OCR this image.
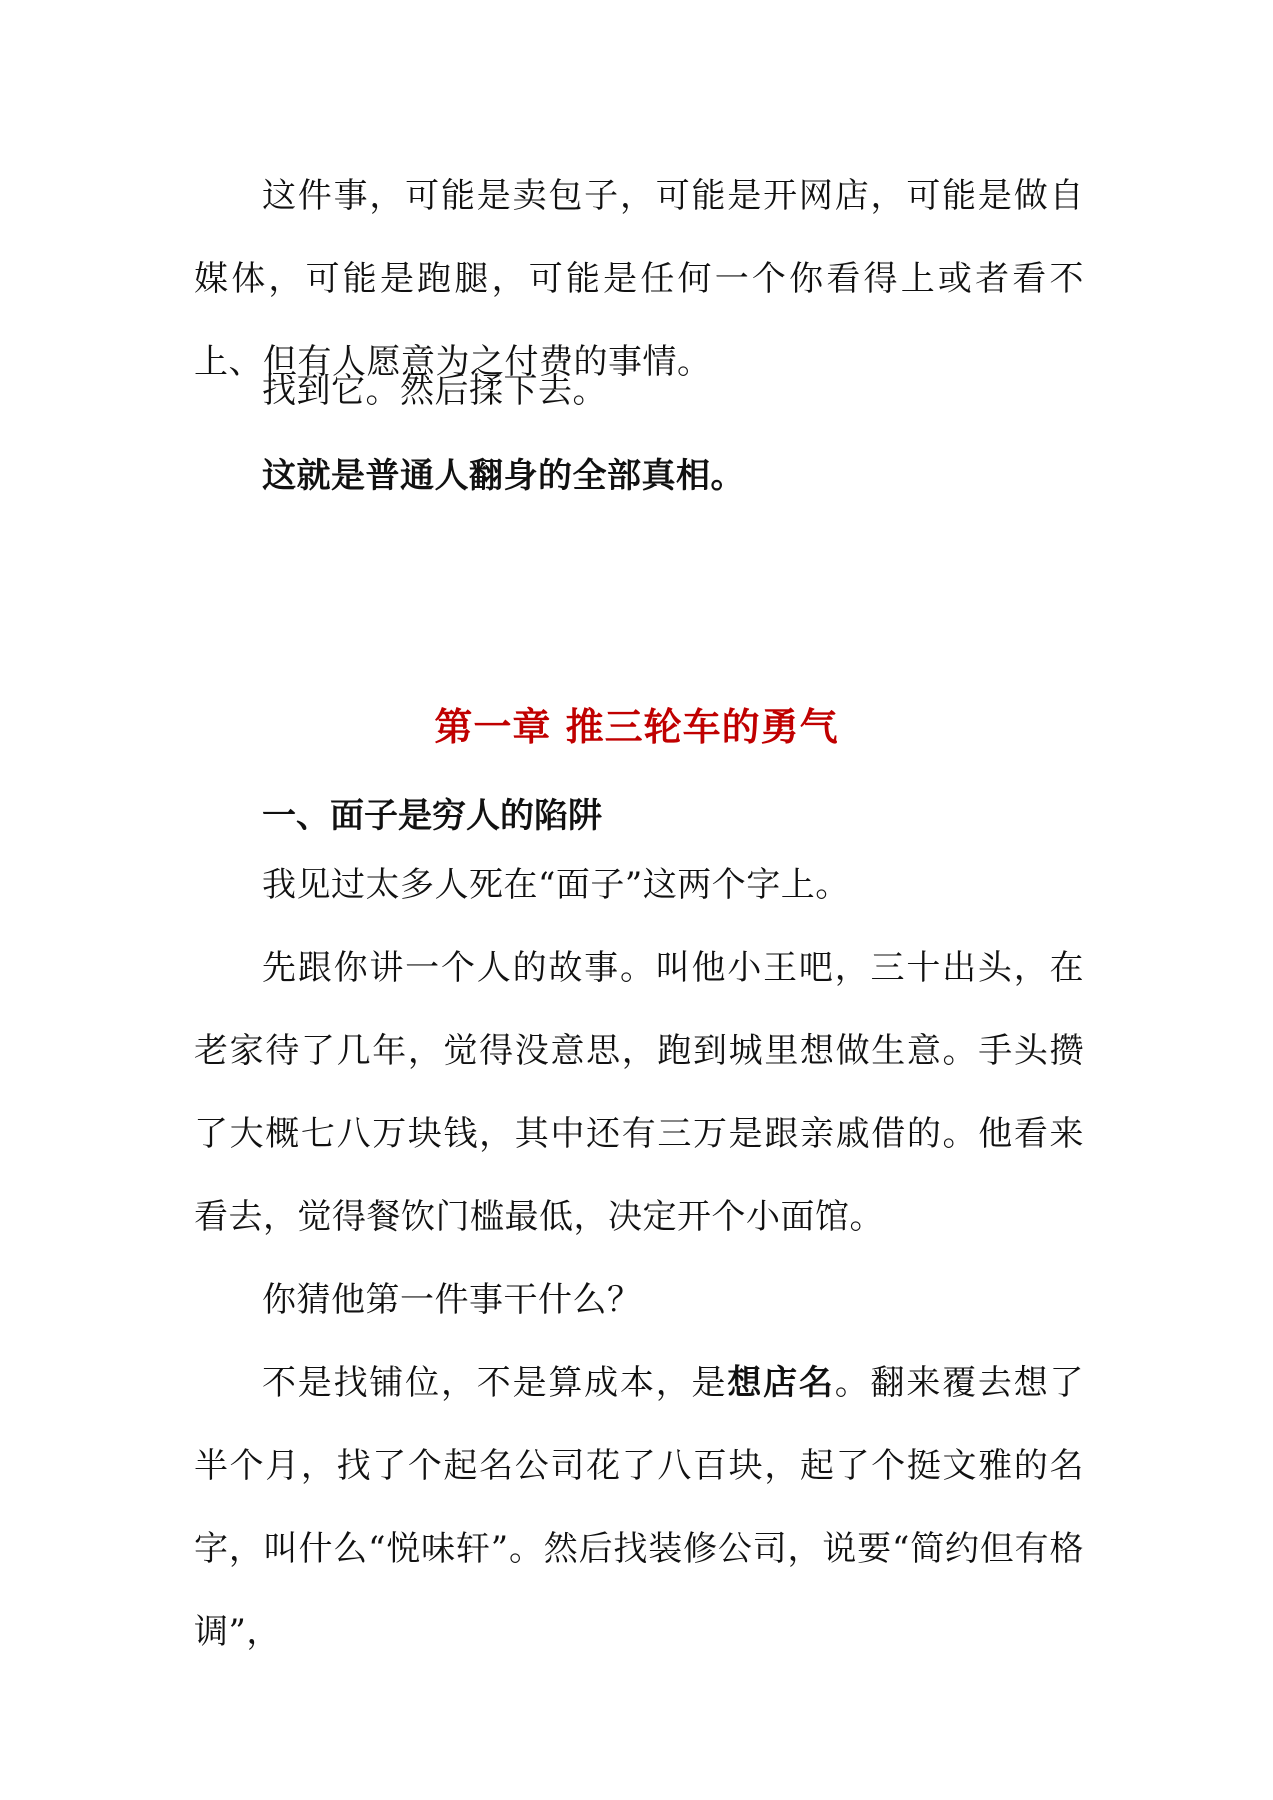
这件事，可能是卖包子，可能是开网店，可能是做自媒体，可能是跑腿，可能是任何一个你看得上或者看不上、但有人愿意为之付费的事情。

找到它。然后揉下去。

这就是普通人翻身的全部真相。

第一章 推三轮车的勇气
一、面子是穷人的陷阱

我见过太多人死在“面子”这两个字上。

先跟你讲一个人的故事。叫他小王吧，三十出头，在老家待了几年，觉得没意思，跑到城里想做生意。手头攒了大概七八万块钱，其中还有三万是跟亲戚借的。他看来看去，觉得餐饮门槛最低，决定开个小面馆。

你猜他第一件事干什么？

不是找铺位，不是算成本，是想店名。翻来覆去想了半个月，找了个起名公司花了八百块，起了个挺文雅的名字，叫什么“悦味轩”。然后找装修公司，说要“简约但有格调”，
